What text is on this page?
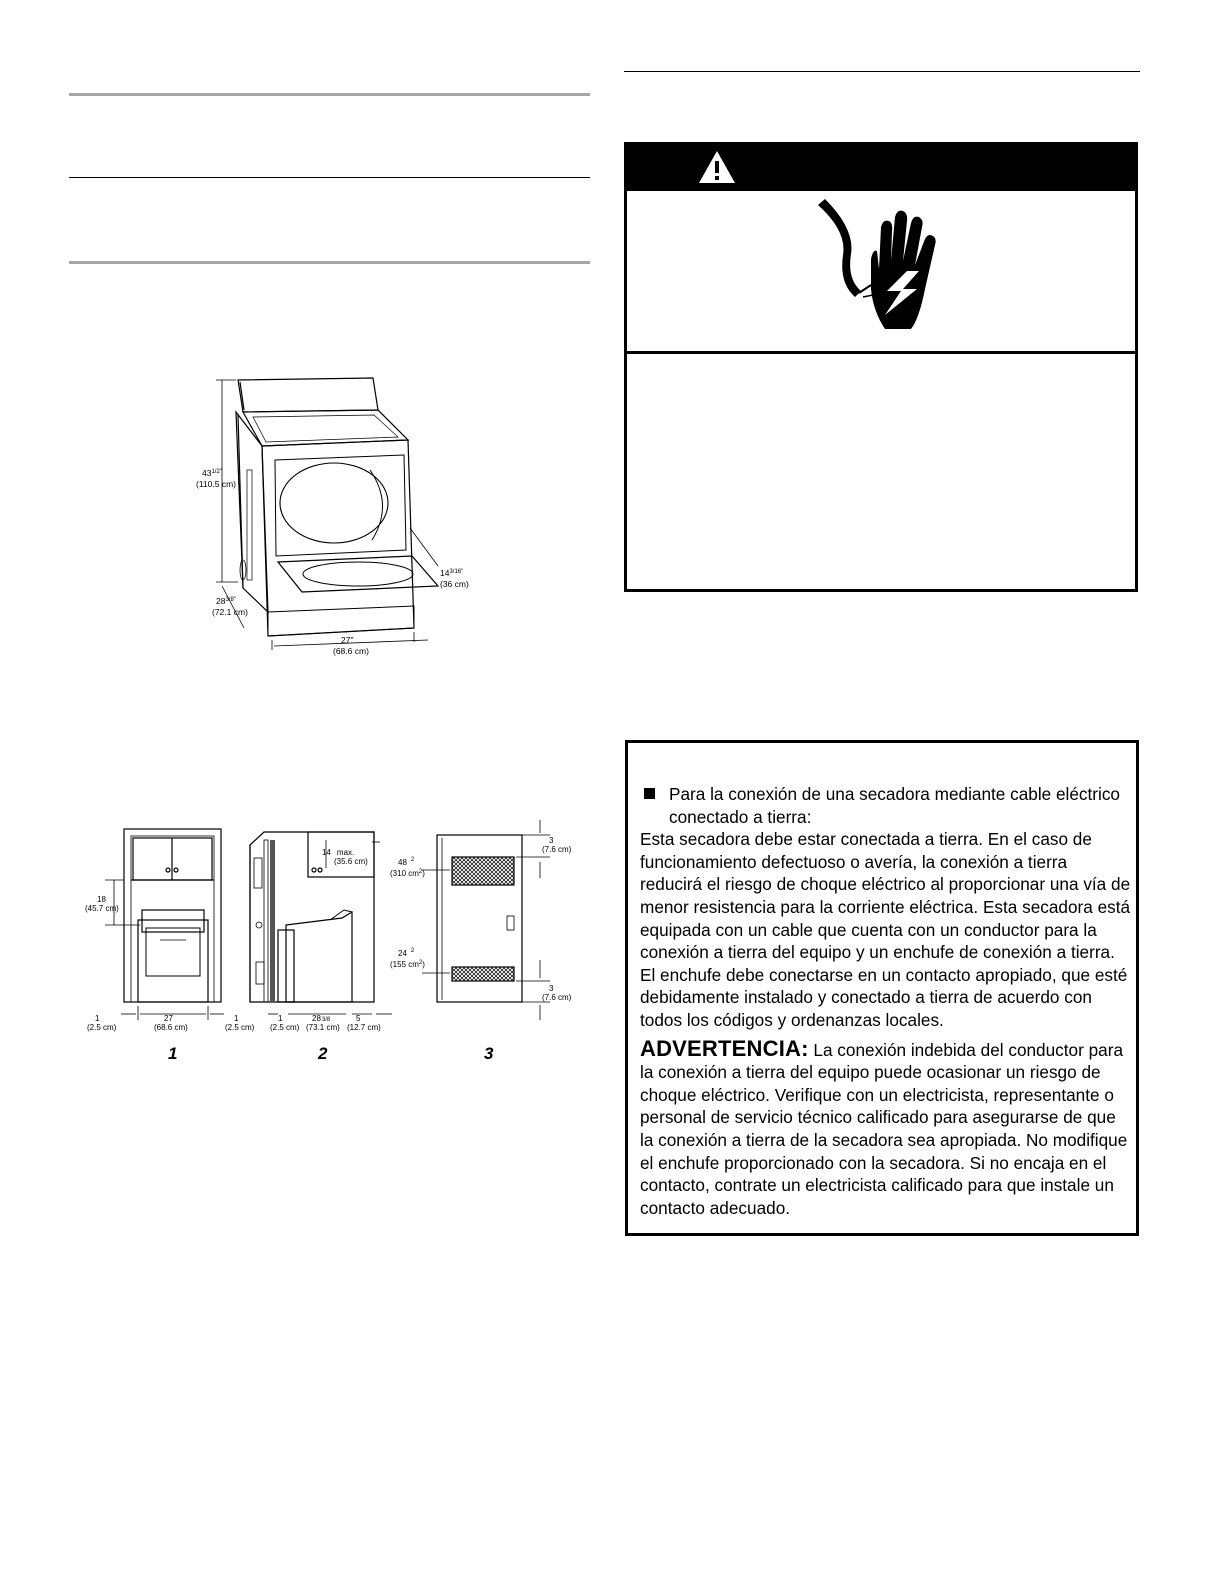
$43^{1/2"}$
(110.5 cm)
$28^{3/8"}$
(72.1 cm)
27"
(68.6 cm)
$14^{3/16"}$
(36 cm)
18
(45.7 cm)
1
(2.5 cm)
27
(68.6 cm)
1
(2.5 cm)
14 max.
(35.6 cm)
1
(2.5 cm)
283/8
(73.1 cm)
5
(12.7 cm)
3
(7.6 cm)
48 $^2$
(310 $cm^2$)
24 $^2$
(155 $cm^2$)
3
(7.6 cm)
1	2	3
Para la conexión de una secadora mediante cable eléctrico conectado a tierra:

Esta secadora debe estar conectada a tierra. En el caso de funcionamiento defectuoso o avería, la conexión a tierra reducirá el riesgo de choque eléctrico al proporcionar una vía de menor resistencia para la corriente eléctrica. Esta secadora está equipada con un cable que cuenta con un conductor para la conexión a tierra del equipo y un enchufe de conexión a tierra. El enchufe debe conectarse en un contacto apropiado, que esté debidamente instalado y conectado a tierra de acuerdo con todos los códigos y ordenanzas locales.

ADVERTENCIA: La conexión indebida del conductor para la conexión a tierra del equipo puede ocasionar un riesgo de choque eléctrico. Verifique con un electricista, representante o personal de servicio técnico calificado para asegurarse de que la conexión a tierra de la secadora sea apropiada. No modifique el enchufe proporcionado con la secadora. Si no encaja en el contacto, contrate un electricista calificado para que instale un contacto adecuado.
